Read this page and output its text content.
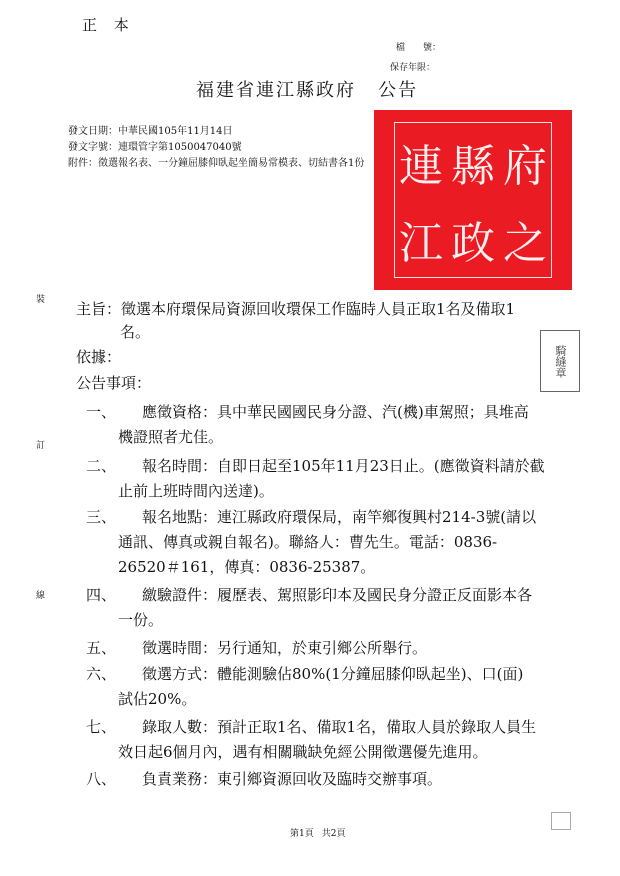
正 本
檔　　號：
保存年限：
福建省連江縣政府 公告
發文日期：中華民國105年11月14日
發文字號：連環管字第1050047040號
附件：徵選報名表、一分鐘屈膝仰臥起坐簡易常模表、切結書各1份 連 縣 府
江 政 之
裝
訂
線
騎縫章
主旨：徵選本府環保局資源回收環保工作臨時人員正取1名及備取1
名。
依據：
公告事項：
一、 應徵資格：具中華民國國民身分證、汽(機)車駕照；具堆高
機證照者尤佳。
二、 報名時間：自即日起至105年11月23日止。(應徵資料請於截
止前上班時間內送達)。
三、 報名地點：連江縣政府環保局，南竿鄉復興村214-3號(請以
通訊、傳真或親自報名)。聯絡人：曹先生。電話：0836-
26520＃161，傳真：0836-25387。
四、 繳驗證件：履歷表、駕照影印本及國民身分證正反面影本各
一份。
五、 徵選時間：另行通知，於東引鄉公所舉行。
六、 徵選方式：體能測驗佔80%(1分鐘屈膝仰臥起坐)、口(面)
試佔20%。
七、 錄取人數：預計正取1名、備取1名，備取人員於錄取人員生
效日起6個月內，遇有相關職缺免經公開徵選優先進用。
八、 負責業務：東引鄉資源回收及臨時交辦事項。
第1頁 共2頁
